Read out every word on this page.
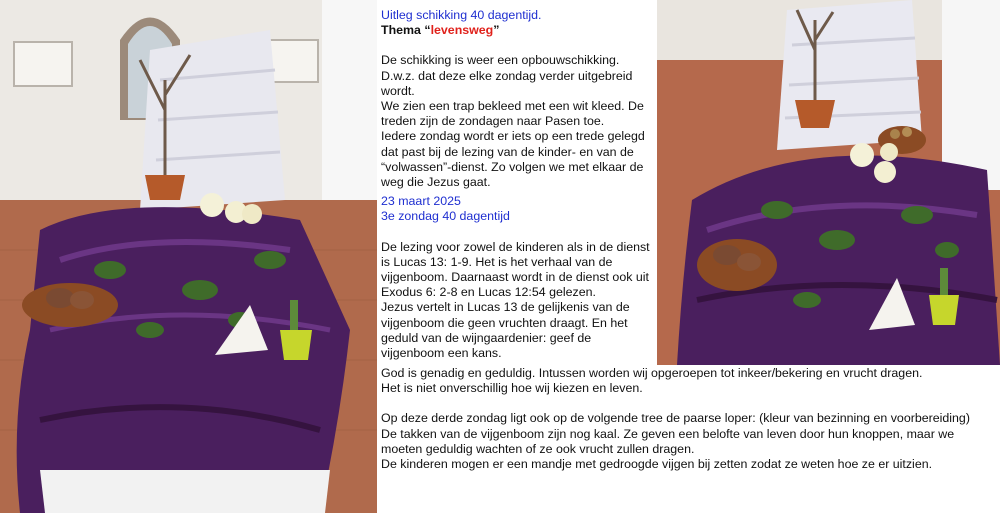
Uitleg schikking 40 dagentijd.

Thema “levensweg”

De schikking is weer een opbouwschikking.

D.w.z. dat deze elke zondag verder uitgebreid wordt.

We zien een trap bekleed met een wit kleed. De treden zijn de zondagen naar Pasen toe.

Iedere zondag wordt er iets op een trede gelegd dat past bij de lezing van de kinder- en van de “volwassen”-dienst. Zo volgen we met elkaar de weg die Jezus gaat.

23 maart 2025

3e zondag 40 dagentijd

De lezing voor zowel de kinderen als in de dienst is Lucas 13: 1-9. Het is het verhaal van de vijgenboom. Daarnaast wordt in de dienst ook uit Exodus 6: 2-8 en Lucas 12:54 gelezen.

Jezus vertelt in Lucas 13 de gelijkenis van de vijgenboom die geen vruchten draagt. En het geduld van de wijngaardenier: geef de vijgenboom een kans.

God is genadig en geduldig. Intussen worden wij opgeroepen tot inkeer/bekering en vrucht dragen.

Het is niet onverschillig hoe wij kiezen en leven.

Op deze derde zondag ligt ook op de volgende tree de paarse loper: (kleur van bezinning en voorbereiding)

De takken van de vijgenboom zijn nog kaal. Ze geven een belofte van leven door hun knoppen, maar we moeten geduldig wachten of ze ook vrucht zullen dragen.

De kinderen mogen er een mandje met gedroogde vijgen bij zetten zodat ze weten hoe ze er uitzien.
